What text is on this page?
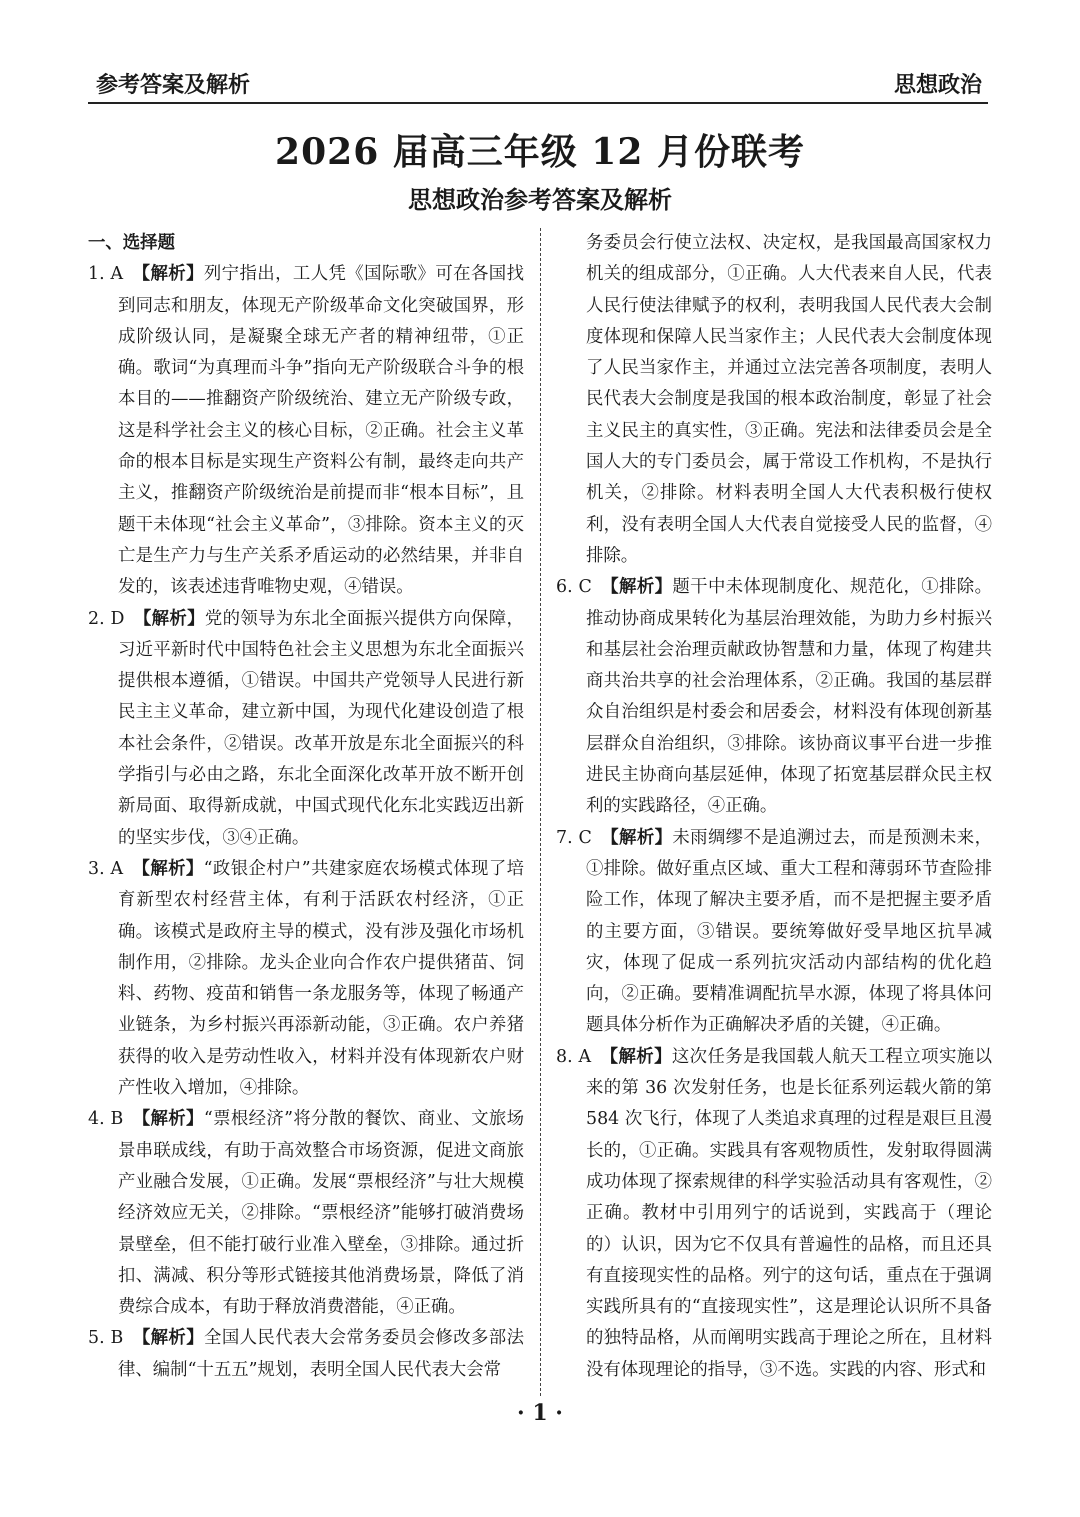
参考答案及解析	思想政治
2026 届高三年级 12 月份联考
思想政治参考答案及解析

一、选择题

1. A　 【解析】列宁指出，工人凭《国际歌》可在各国找到同志和朋友，体现无产阶级革命文化突破国界，形成阶级认同，是凝聚全球无产者的精神纽带，①正确。歌词“为真理而斗争”指向无产阶级联合斗争的根本目的——推翻资产阶级统治、建立无产阶级专政，这是科学社会主义的核心目标，②正确。社会主义革命的根本目标是实现生产资料公有制，最终走向共产主义，推翻资产阶级统治是前提而非“根本目标”，且题干未体现“社会主义革命”，③排除。资本主义的灭亡是生产力与生产关系矛盾运动的必然结果，并非自发的，该表述违背唯物史观，④错误。

2. D　 【解析】党的领导为东北全面振兴提供方向保障，习近平新时代中国特色社会主义思想为东北全面振兴提供根本遵循，①错误。中国共产党领导人民进行新民主主义革命，建立新中国，为现代化建设创造了根本社会条件，②错误。改革开放是东北全面振兴的科学指引与必由之路，东北全面深化改革开放不断开创新局面、取得新成就，中国式现代化东北实践迈出新的坚实步伐，③④正确。

3. A　 【解析】“政银企村户”共建家庭农场模式体现了培育新型农村经营主体，有利于活跃农村经济，①正确。该模式是政府主导的模式，没有涉及强化市场机制作用，②排除。龙头企业向合作农户提供猪苗、饲料、药物、疫苗和销售一条龙服务等，体现了畅通产业链条，为乡村振兴再添新动能，③正确。农户养猪获得的收入是劳动性收入，材料并没有体现新农户财产性收入增加，④排除。

4. B　 【解析】“票根经济”将分散的餐饮、商业、文旅场景串联成线，有助于高效整合市场资源，促进文商旅产业融合发展，①正确。发展“票根经济”与壮大规模经济效应无关，②排除。“票根经济”能够打破消费场景壁垒，但不能打破行业准入壁垒，③排除。通过折扣、满减、积分等形式链接其他消费场景，降低了消费综合成本，有助于释放消费潜能，④正确。

5. B　 【解析】全国人民代表大会常务委员会修改多部法律、编制“十五五”规划，表明全国人民代表大会常

务委员会行使立法权、决定权，是我国最高国家权力机关的组成部分，①正确。人大代表来自人民，代表人民行使法律赋予的权利，表明我国人民代表大会制度体现和保障人民当家作主；人民代表大会制度体现了人民当家作主，并通过立法完善各项制度，表明人民代表大会制度是我国的根本政治制度，彰显了社会主义民主的真实性，③正确。宪法和法律委员会是全国人大的专门委员会，属于常设工作机构，不是执行机关，②排除。材料表明全国人大代表积极行使权利，没有表明全国人大代表自觉接受人民的监督，④排除。

6. C　 【解析】题干中未体现制度化、规范化，①排除。推动协商成果转化为基层治理效能，为助力乡村振兴和基层社会治理贡献政协智慧和力量，体现了构建共商共治共享的社会治理体系，②正确。我国的基层群众自治组织是村委会和居委会，材料没有体现创新基层群众自治组织，③排除。该协商议事平台进一步推进民主协商向基层延伸，体现了拓宽基层群众民主权利的实践路径，④正确。

7. C　 【解析】未雨绸缪不是追溯过去，而是预测未来，①排除。做好重点区域、重大工程和薄弱环节查险排险工作，体现了解决主要矛盾，而不是把握主要矛盾的主要方面，③错误。要统筹做好受旱地区抗旱减灾，体现了促成一系列抗灾活动内部结构的优化趋向，②正确。要精准调配抗旱水源，体现了将具体问题具体分析作为正确解决矛盾的关键，④正确。

8. A　 【解析】这次任务是我国载人航天工程立项实施以来的第 36 次发射任务，也是长征系列运载火箭的第 584 次飞行，体现了人类追求真理的过程是艰巨且漫长的，①正确。实践具有客观物质性，发射取得圆满成功体现了探索规律的科学实验活动具有客观性，②正确。教材中引用列宁的话说到，实践高于（理论的）认识，因为它不仅具有普遍性的品格，而且还具有直接现实性的品格。列宁的这句话，重点在于强调实践所具有的“直接现实性”，这是理论认识所不具备的独特品格，从而阐明实践高于理论之所在，且材料没有体现理论的指导，③不选。实践的内容、形式和

· 1 ·
